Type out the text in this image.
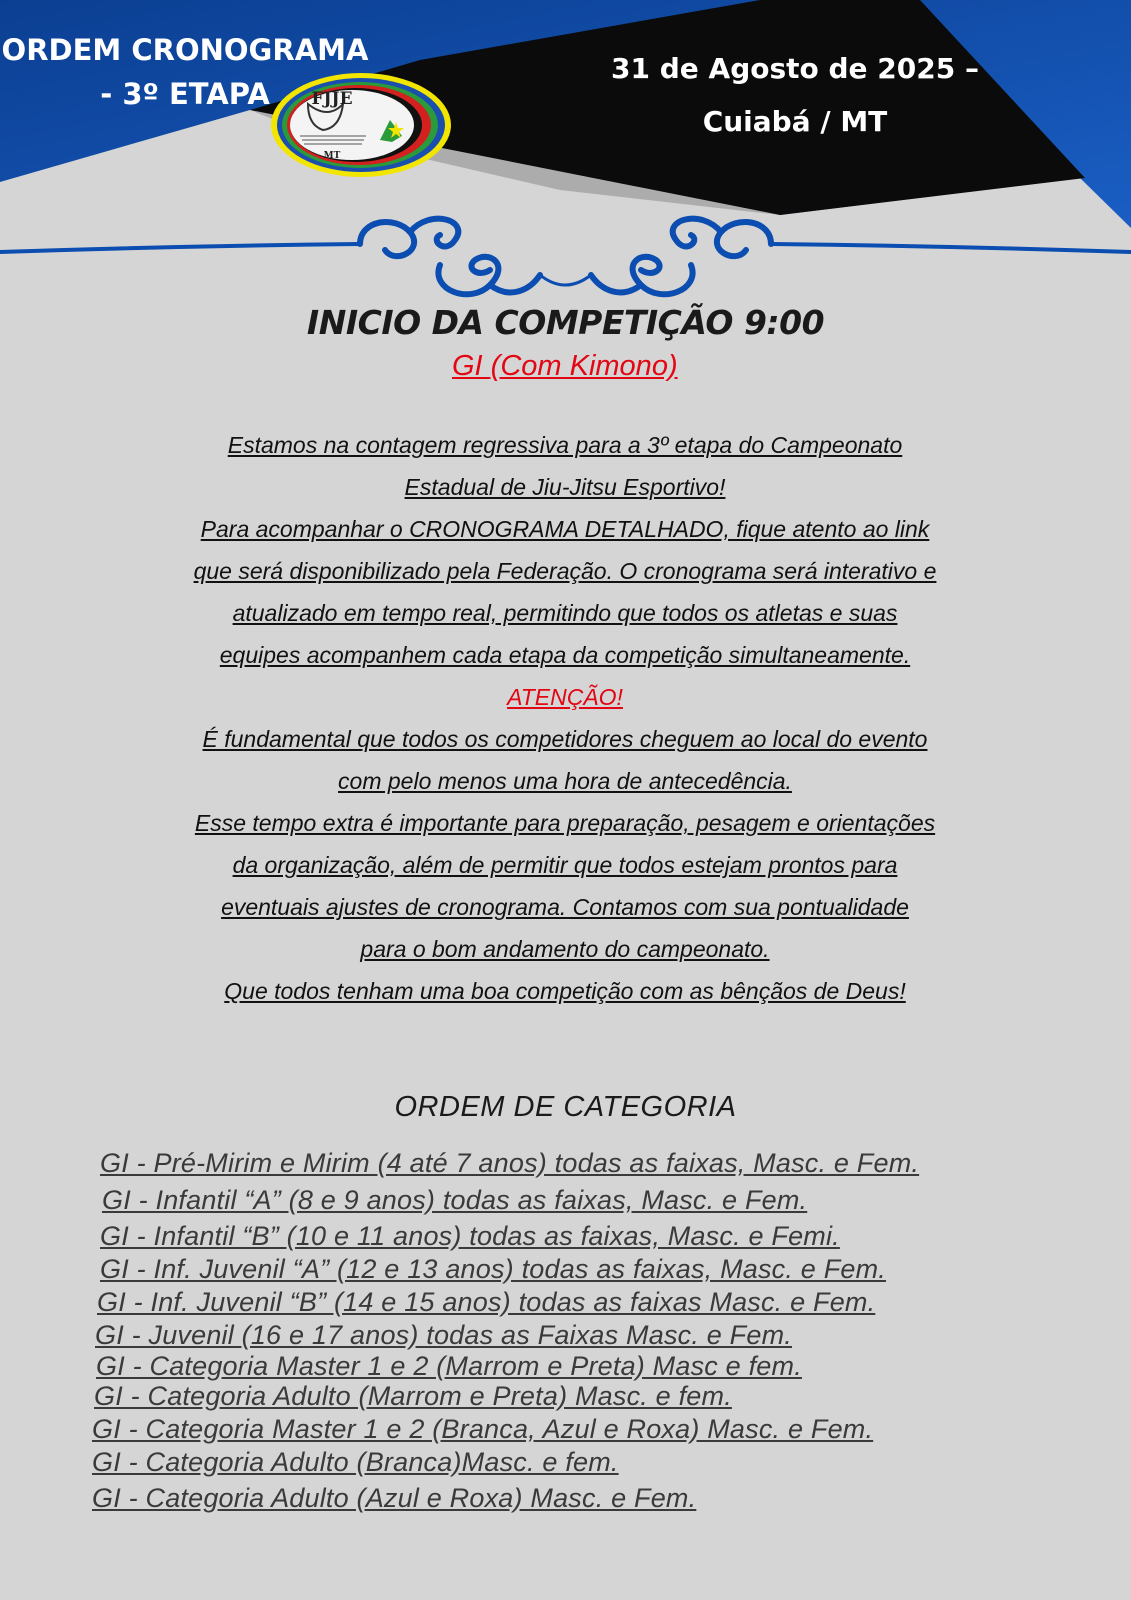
ORDEM CRONOGRAMA
- 3º ETAPA
31 de Agosto de 2025 –
Cuiabá / MT
FJJE
MT
INICIO DA COMPETIÇÃO 9:00
GI (Com Kimono)
Estamos na contagem regressiva para a 3º etapa do Campeonato
Estadual de Jiu-Jitsu Esportivo!
Para acompanhar o CRONOGRAMA DETALHADO, fique atento ao link
que será disponibilizado pela Federação. O cronograma será interativo e
atualizado em tempo real, permitindo que todos os atletas e suas
equipes acompanhem cada etapa da competição simultaneamente.
ATENÇÃO!
É fundamental que todos os competidores cheguem ao local do evento
com pelo menos uma hora de antecedência.
Esse tempo extra é importante para preparação, pesagem e orientações
da organização, além de permitir que todos estejam prontos para
eventuais ajustes de cronograma. Contamos com sua pontualidade
para o bom andamento do campeonato.
Que todos tenham uma boa competição com as bênçãos de Deus!
ORDEM DE CATEGORIA
GI - Pré-Mirim e Mirim (4 até 7 anos) todas as faixas, Masc. e Fem.
GI - Infantil “A” (8 e 9 anos) todas as faixas, Masc. e Fem.
GI - Infantil “B” (10 e 11 anos) todas as faixas, Masc. e Femi.
GI - Inf. Juvenil “A” (12 e 13 anos) todas as faixas, Masc. e Fem.
GI - Inf. Juvenil “B” (14 e 15 anos) todas as faixas Masc. e Fem.
GI - Juvenil (16 e 17 anos) todas as Faixas Masc. e Fem.
GI - Categoria Master 1 e 2 (Marrom e Preta) Masc e fem.
GI - Categoria Adulto (Marrom e Preta) Masc. e fem.
GI - Categoria Master 1 e 2 (Branca, Azul e Roxa) Masc. e Fem.
GI - Categoria Adulto (Branca)Masc. e fem.
GI - Categoria Adulto (Azul e Roxa) Masc. e Fem.
